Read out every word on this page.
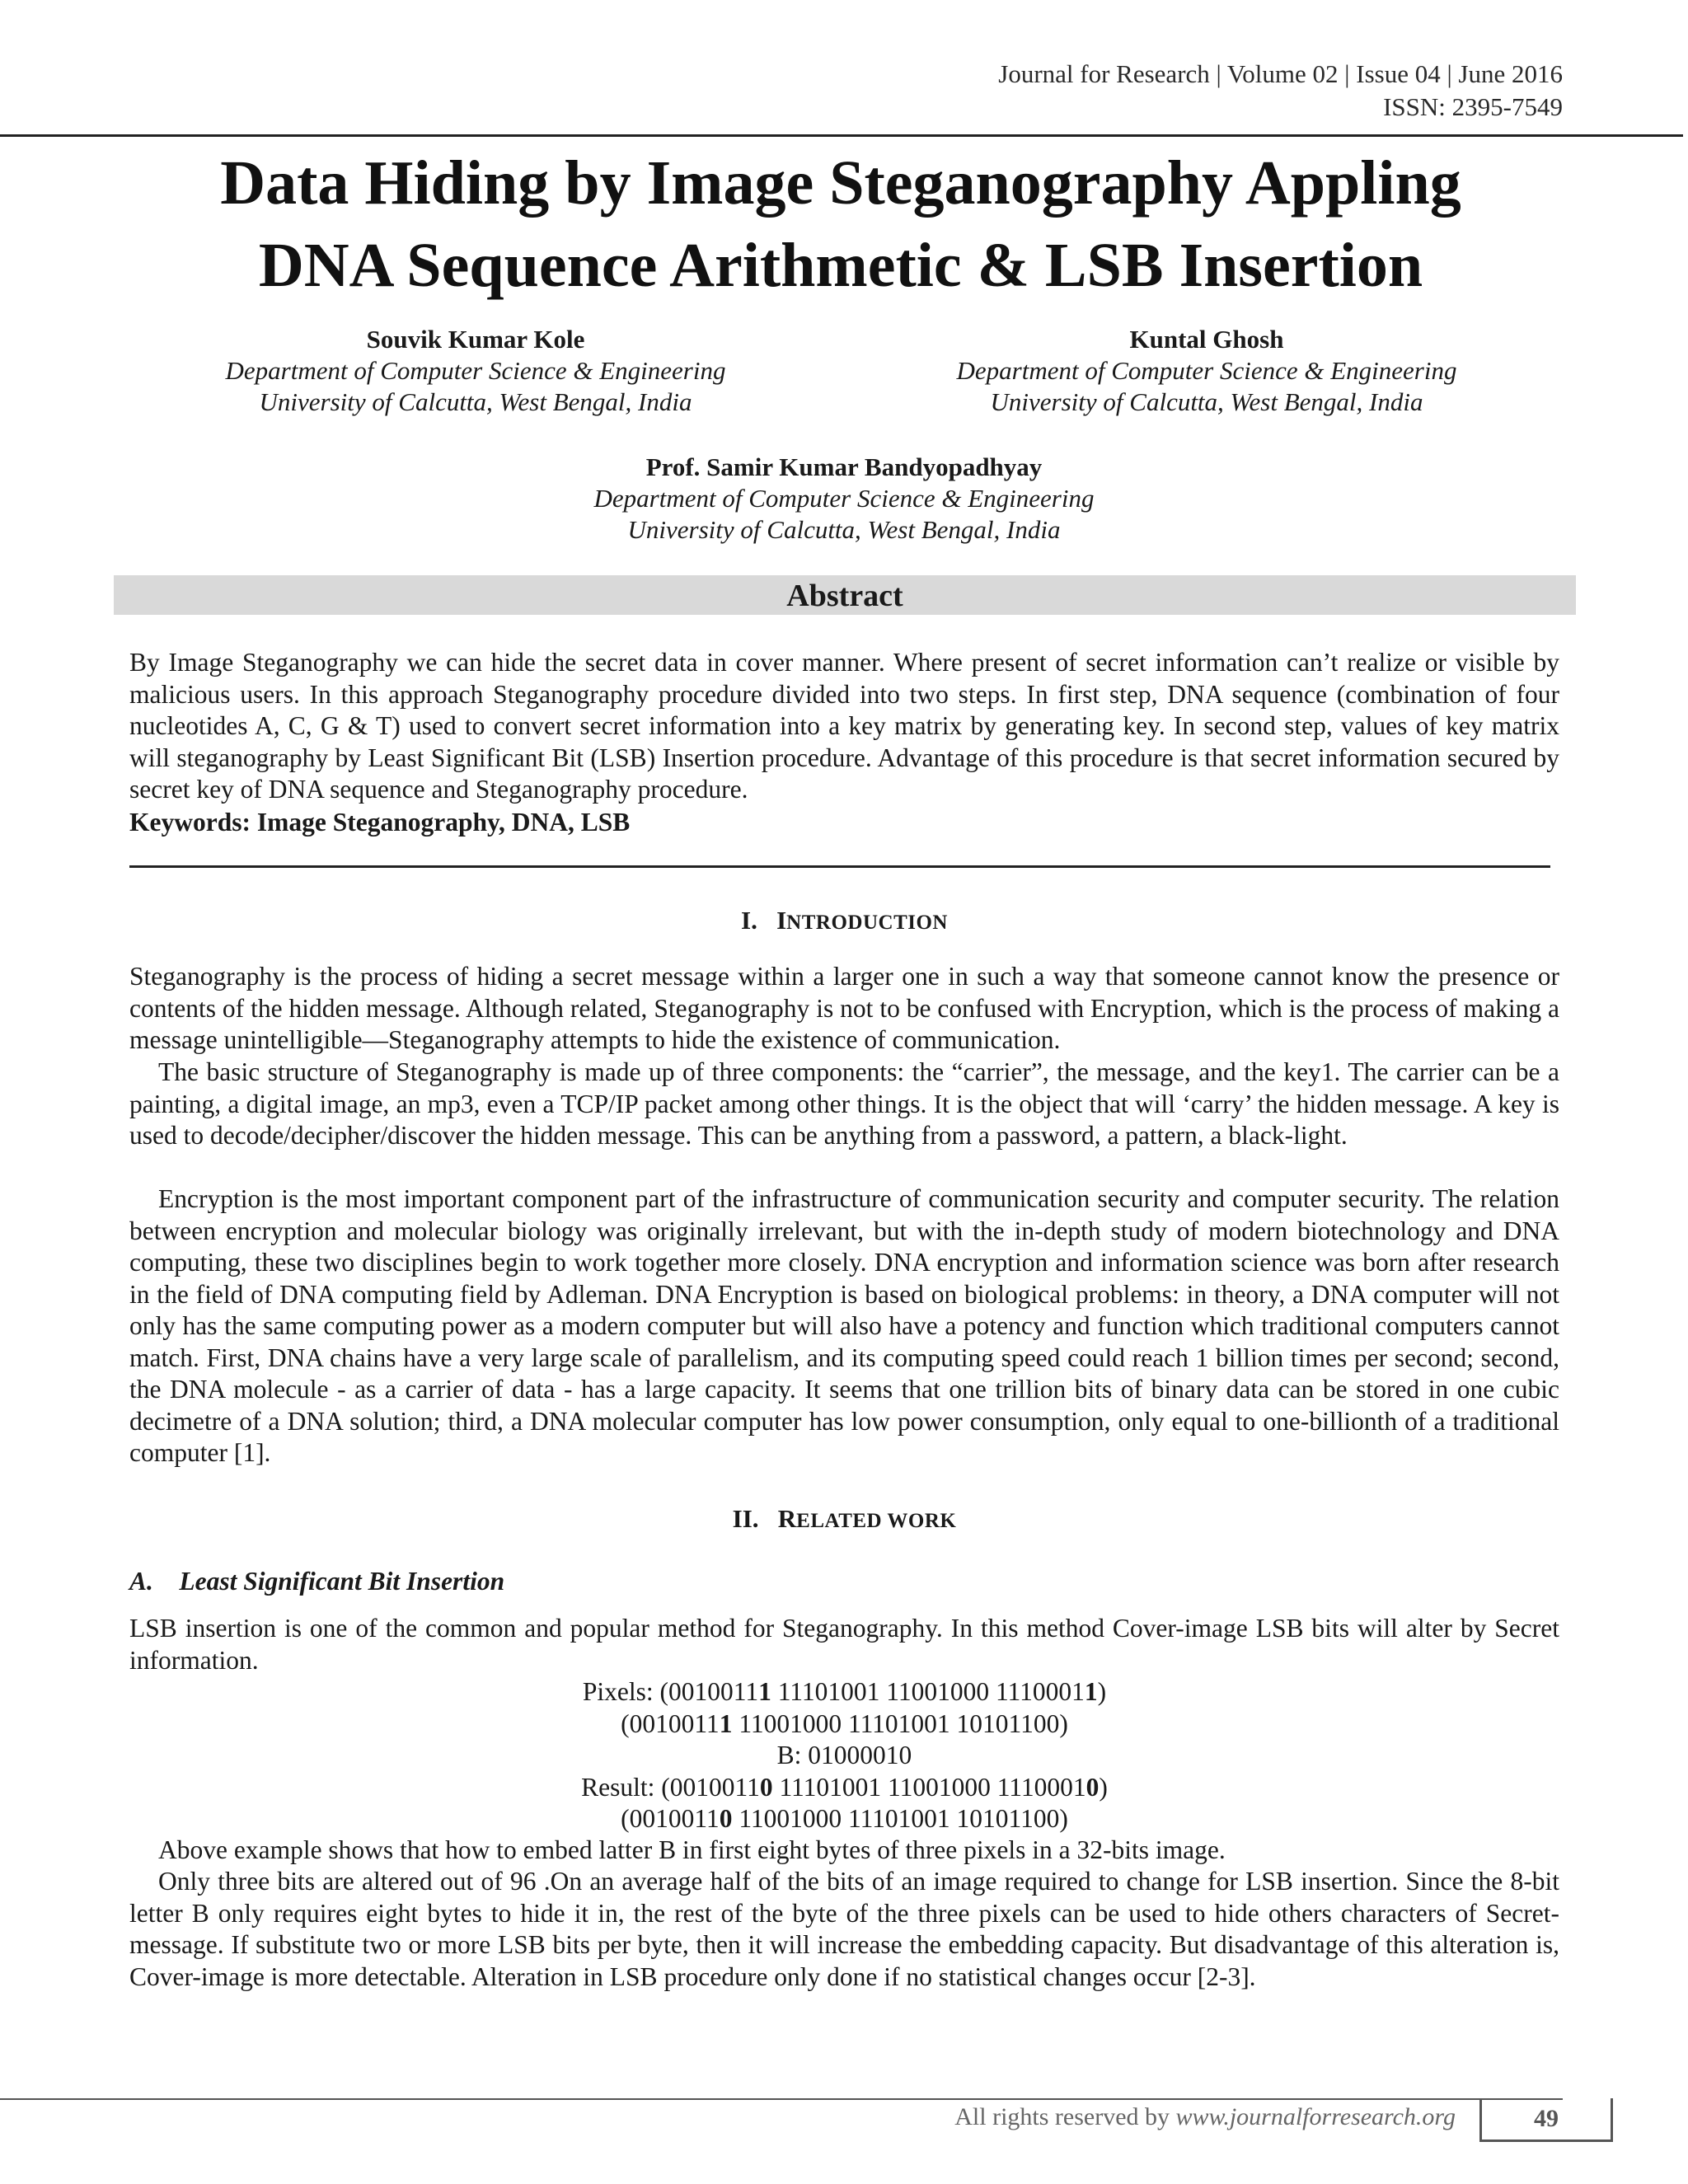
Journal for Research | Volume 02 | Issue 04 | June 2016
ISSN: 2395-7549
Data Hiding by Image Steganography Appling
DNA Sequence Arithmetic & LSB Insertion
Souvik Kumar Kole
Department of Computer Science & Engineering
University of Calcutta, West Bengal, India
Kuntal Ghosh
Department of Computer Science & Engineering
University of Calcutta, West Bengal, India
Prof. Samir Kumar Bandyopadhyay
Department of Computer Science & Engineering
University of Calcutta, West Bengal, India
Abstract
By Image Steganography we can hide the secret data in cover manner. Where present of secret information can’t realize or visible by malicious users. In this approach Steganography procedure divided into two steps. In first step, DNA sequence (combination of four nucleotides A, C, G & T) used to convert secret information into a key matrix by generating key. In second step, values of key matrix will steganography by Least Significant Bit (LSB) Insertion procedure. Advantage of this procedure is that secret information secured by secret key of DNA sequence and Steganography procedure.
Keywords: Image Steganography, DNA, LSB
I. INTRODUCTION
Steganography is the process of hiding a secret message within a larger one in such a way that someone cannot know the presence or contents of the hidden message. Although related, Steganography is not to be confused with Encryption, which is the process of making a message unintelligible—Steganography attempts to hide the existence of communication.
The basic structure of Steganography is made up of three components: the “carrier”, the message, and the key1. The carrier can be a painting, a digital image, an mp3, even a TCP/IP packet among other things. It is the object that will ‘carry’ the hidden message. A key is used to decode/decipher/discover the hidden message. This can be anything from a password, a pattern, a black-light.
Encryption is the most important component part of the infrastructure of communication security and computer security. The relation between encryption and molecular biology was originally irrelevant, but with the in-depth study of modern biotechnology and DNA computing, these two disciplines begin to work together more closely. DNA encryption and information science was born after research in the field of DNA computing field by Adleman. DNA Encryption is based on biological problems: in theory, a DNA computer will not only has the same computing power as a modern computer but will also have a potency and function which traditional computers cannot match. First, DNA chains have a very large scale of parallelism, and its computing speed could reach 1 billion times per second; second, the DNA molecule - as a carrier of data - has a large capacity. It seems that one trillion bits of binary data can be stored in one cubic decimetre of a DNA solution; third, a DNA molecular computer has low power consumption, only equal to one-billionth of a traditional computer [1].
II. RELATED WORK
A. Least Significant Bit Insertion
LSB insertion is one of the common and popular method for Steganography. In this method Cover-image LSB bits will alter by Secret information.
Pixels: (00100111 11101001 11001000 11100011)
(00100111 11001000 11101001 10101100)
B: 01000010
Result: (00100110 11101001 11001000 11100010)
(00100110 11001000 11101001 10101100)
Above example shows that how to embed latter B in first eight bytes of three pixels in a 32-bits image.
Only three bits are altered out of 96 .On an average half of the bits of an image required to change for LSB insertion. Since the 8-bit letter B only requires eight bytes to hide it in, the rest of the byte of the three pixels can be used to hide others characters of Secret-message. If substitute two or more LSB bits per byte, then it will increase the embedding capacity. But disadvantage of this alteration is, Cover-image is more detectable. Alteration in LSB procedure only done if no statistical changes occur [2-3].
All rights reserved by www.journalforresearch.org	49
